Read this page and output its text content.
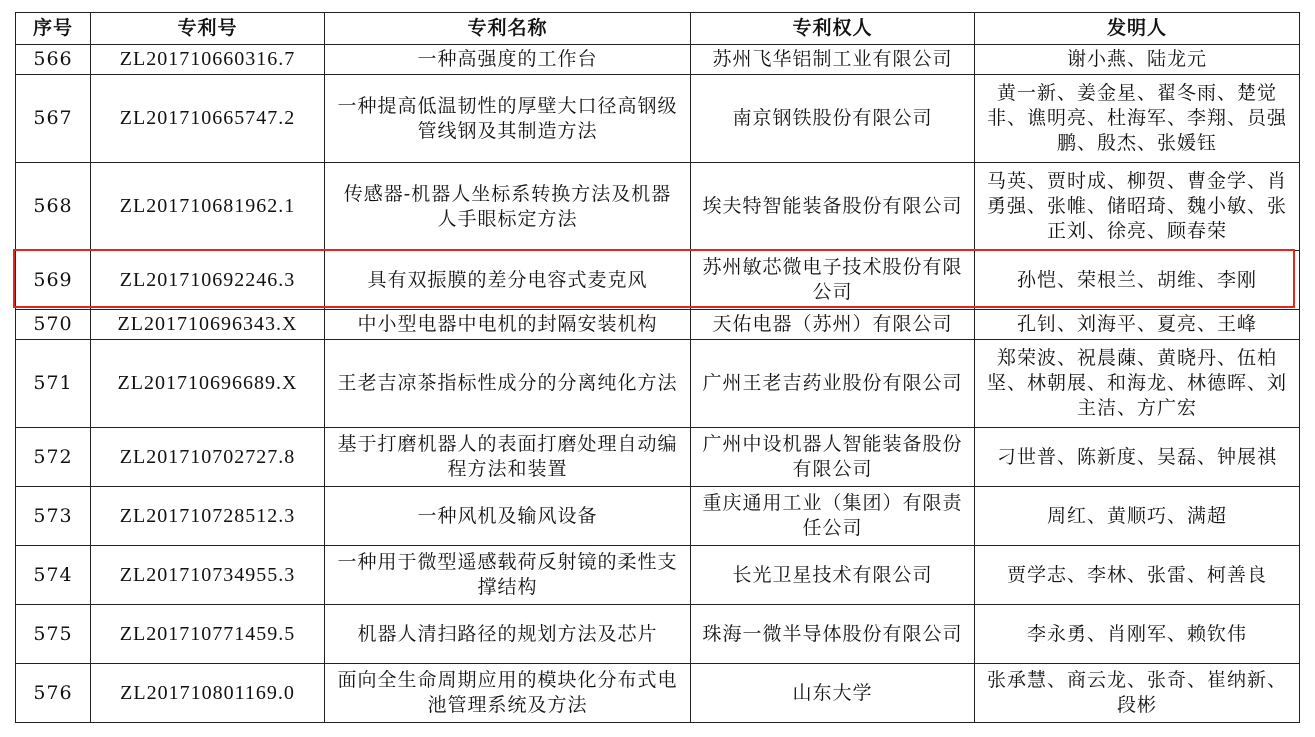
序号	专利号	专利名称	专利权人	发明人
566	ZL201710660316.7	一种高强度的工作台	苏州飞华铝制工业有限公司	谢小燕、陆龙元
567	ZL201710665747.2	一种提高低温韧性的厚壁大口径高钢级管线钢及其制造方法	南京钢铁股份有限公司	黄一新、姜金星、翟冬雨、楚觉非、谯明亮、杜海军、李翔、员强鹏、殷杰、张媛钰
568	ZL201710681962.1	传感器-机器人坐标系转换方法及机器人手眼标定方法	埃夫特智能装备股份有限公司	马英、贾时成、柳贺、曹金学、肖勇强、张帷、储昭琦、魏小敏、张正刘、徐亮、顾春荣
569	ZL201710692246.3	具有双振膜的差分电容式麦克风	苏州敏芯微电子技术股份有限公司	孙恺、荣根兰、胡维、李刚
570	ZL201710696343.X	中小型电器中电机的封隔安装机构	天佑电器（苏州）有限公司	孔钊、刘海平、夏亮、王峰
571	ZL201710696689.X	王老吉凉茶指标性成分的分离纯化方法	广州王老吉药业股份有限公司	郑荣波、祝晨蔯、黄晓丹、伍柏坚、林朝展、和海龙、林德晖、刘主洁、方广宏
572	ZL201710702727.8	基于打磨机器人的表面打磨处理自动编程方法和装置	广州中设机器人智能装备股份有限公司	刁世普、陈新度、吴磊、钟展祺
573	ZL201710728512.3	一种风机及输风设备	重庆通用工业（集团）有限责任公司	周红、黄顺巧、满超
574	ZL201710734955.3	一种用于微型遥感载荷反射镜的柔性支撑结构	长光卫星技术有限公司	贾学志、李林、张雷、柯善良
575	ZL201710771459.5	机器人清扫路径的规划方法及芯片	珠海一微半导体股份有限公司	李永勇、肖刚军、赖钦伟
576	ZL201710801169.0	面向全生命周期应用的模块化分布式电池管理系统及方法	山东大学	张承慧、商云龙、张奇、崔纳新、段彬
